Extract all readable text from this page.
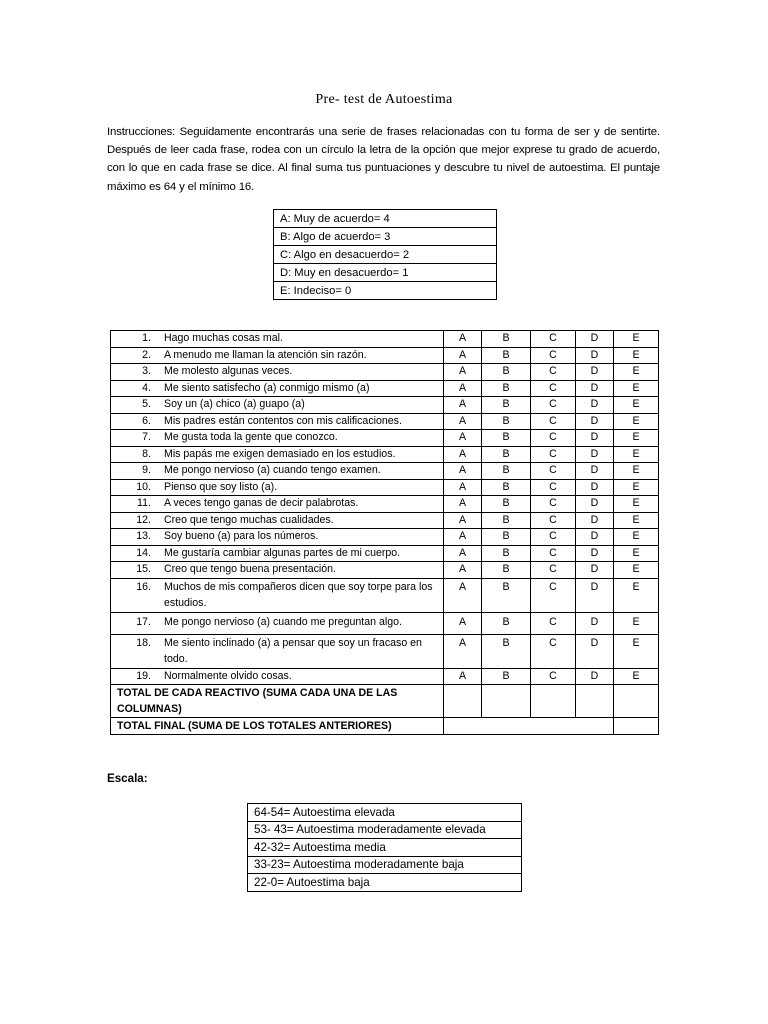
Pre- test de Autoestima
Instrucciones: Seguidamente encontrarás una serie de frases relacionadas con tu forma de ser y de sentirte. Después de leer cada frase, rodea con un círculo la letra de la opción que mejor exprese tu grado de acuerdo, con lo que en cada frase se dice. Al final suma tus puntuaciones y descubre tu nivel de autoestima. El puntaje máximo es 64 y el mínimo 16.
A: Muy de acuerdo= 4
B: Algo de acuerdo= 3
C: Algo en desacuerdo= 2
D: Muy en desacuerdo= 1
E: Indeciso= 0
1.	Hago muchas cosas mal.	A	B	C	D	E
2.	A menudo me llaman la atención sin razón.	A	B	C	D	E
3.	Me molesto algunas veces.	A	B	C	D	E
4.	Me siento satisfecho (a) conmigo mismo (a)	A	B	C	D	E
5.	Soy un (a) chico (a) guapo (a)	A	B	C	D	E
6.	Mis padres están contentos con mis calificaciones.	A	B	C	D	E
7.	Me gusta toda la gente que conozco.	A	B	C	D	E
8.	Mis papás me exigen demasiado en los estudios.	A	B	C	D	E
9.	Me pongo nervioso (a) cuando tengo examen.	A	B	C	D	E
10.	Pienso que soy listo (a).	A	B	C	D	E
11.	A veces tengo ganas de decir palabrotas.	A	B	C	D	E
12.	Creo que tengo muchas cualidades.	A	B	C	D	E
13.	Soy bueno (a) para los números.	A	B	C	D	E
14.	Me gustaría cambiar algunas partes de mi cuerpo.	A	B	C	D	E
15.	Creo que tengo buena presentación.	A	B	C	D	E
16.	Muchos de mis compañeros dicen que soy torpe para los estudios.	A	B	C	D	E
17.	Me pongo nervioso (a) cuando me preguntan algo.	A	B	C	D	E
18.	Me siento inclinado (a) a pensar que soy un fracaso en todo.	A	B	C	D	E
19.	Normalmente olvido cosas.	A	B	C	D	E
TOTAL DE CADA REACTIVO (SUMA CADA UNA DE LAS COLUMNAS)						
TOTAL FINAL (SUMA DE LOS TOTALES ANTERIORES)						
Escala:
64-54= Autoestima elevada
53- 43= Autoestima moderadamente elevada
42-32= Autoestima media
33-23= Autoestima moderadamente baja
22-0= Autoestima baja
